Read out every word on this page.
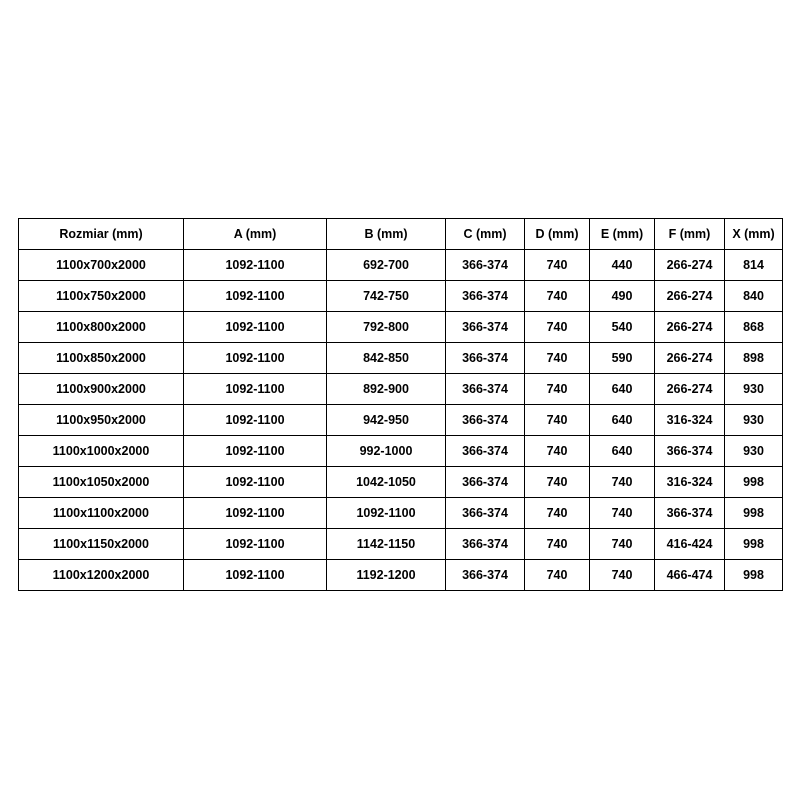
Rozmiar (mm)	A (mm)	B (mm)	C (mm)	D (mm)	E (mm)	F (mm)	X (mm)
1100x700x2000	1092-1100	692-700	366-374	740	440	266-274	814
1100x750x2000	1092-1100	742-750	366-374	740	490	266-274	840
1100x800x2000	1092-1100	792-800	366-374	740	540	266-274	868
1100x850x2000	1092-1100	842-850	366-374	740	590	266-274	898
1100x900x2000	1092-1100	892-900	366-374	740	640	266-274	930
1100x950x2000	1092-1100	942-950	366-374	740	640	316-324	930
1100x1000x2000	1092-1100	992-1000	366-374	740	640	366-374	930
1100x1050x2000	1092-1100	1042-1050	366-374	740	740	316-324	998
1100x1100x2000	1092-1100	1092-1100	366-374	740	740	366-374	998
1100x1150x2000	1092-1100	1142-1150	366-374	740	740	416-424	998
1100x1200x2000	1092-1100	1192-1200	366-374	740	740	466-474	998
